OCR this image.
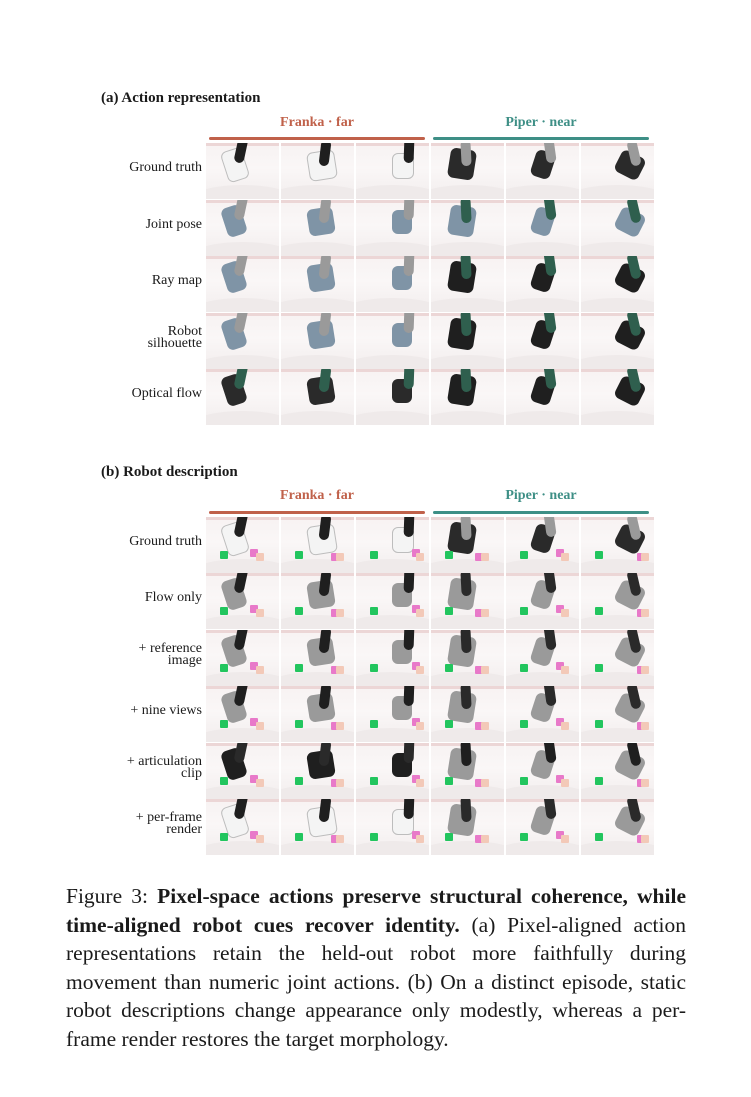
(a) Action representation
Franka · far	Piper · near
Ground truth
Joint pose
Ray map
Robot silhouette
Optical flow
(b) Robot description
Franka · far	Piper · near
Ground truth
Flow only
+ reference image
+ nine views
+ articulation clip
+ per-frame render
Figure 3: Pixel-space actions preserve structural coherence, while time-aligned robot cues recover identity. (a) Pixel-aligned action representations retain the held-out robot more faithfully during movement than numeric joint actions. (b) On a distinct episode, static robot descriptions change appearance only modestly, whereas a per-frame render restores the target morphology.
